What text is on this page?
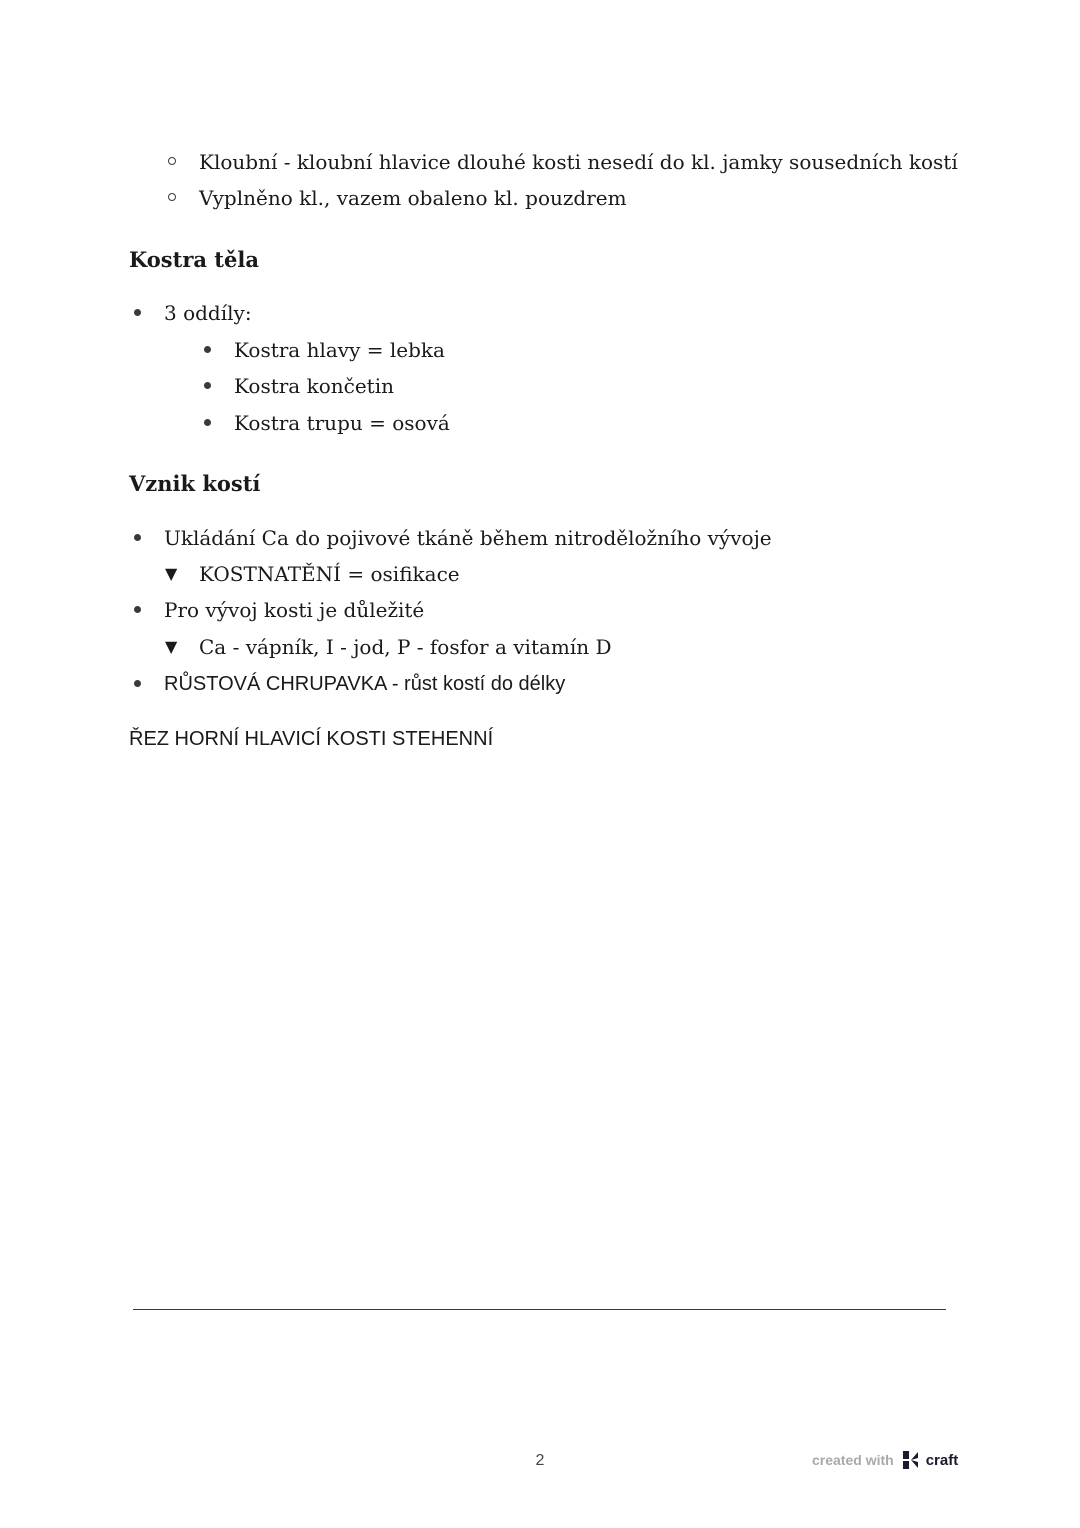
Kloubní - kloubní hlavice dlouhé kosti nesedí do kl. jamky sousedních kostí
Vyplněno kl., vazem obaleno kl. pouzdrem
Kostra těla
3 oddíly:
Kostra hlavy = lebka
Kostra končetin
Kostra trupu = osová
Vznik kostí
Ukládání Ca do pojivové tkáně během nitroděložního vývoje
▼ KOSTNATĚNÍ = osifikace
Pro vývoj kosti je důležité
▼ Ca - vápník, I - jod, P - fosfor a vitamín D
RŮSTOVÁ CHRUPAVKA - růst kostí do délky
ŘEZ HORNÍ HLAVICÍ KOSTI STEHENNÍ
2	created with craft
